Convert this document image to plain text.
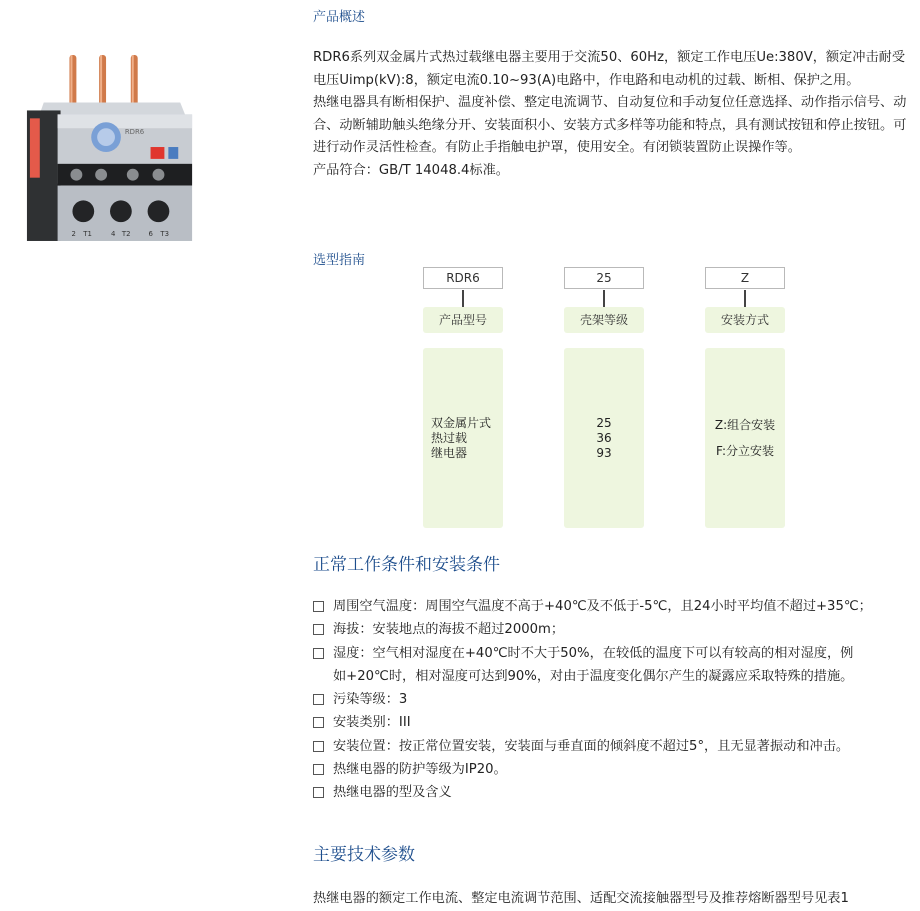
RDR6
2 T1	4 T2	6 T3
产品概述

RDR6系列双金属片式热过载继电器主要用于交流50、60Hz，额定工作电压Ue:380V，额定冲击耐受电压Uimp(kV):8，额定电流0.10~93(A)电路中，作电路和电动机的过载、断相、保护之用。

热继电器具有断相保护、温度补偿、整定电流调节、自动复位和手动复位任意选择、动作指示信号、动合、动断辅助触头绝缘分开、安装面积小、安装方式多样等功能和特点，具有测试按钮和停止按钮。可进行动作灵活性检查。有防止手指触电护罩，使用安全。有闭锁装置防止误操作等。

产品符合：GB/T 14048.4标准。

选型指南
RDR6
产品型号
双金属片式
热过载
继电器
25
壳架等级
25
36
93
Z
安装方式
Z:组合安装
F:分立安装
正常工作条件和安装条件
周围空气温度：周围空气温度不高于+40℃及不低于-5℃，且24小时平均值不超过+35℃；
海拔：安装地点的海拔不超过2000m；
湿度：空气相对湿度在+40℃时不大于50%，在较低的温度下可以有较高的相对湿度，例
如+20℃时，相对湿度可达到90%，对由于温度变化偶尔产生的凝露应采取特殊的措施。
污染等级：3
安装类别：III
安装位置：按正常位置安装，安装面与垂直面的倾斜度不超过5°，且无显著振动和冲击。
热继电器的防护等级为IP20。
热继电器的型及含义
主要技术参数

热继电器的额定工作电流、整定电流调节范围、适配交流接触器型号及推荐熔断器型号见表1
